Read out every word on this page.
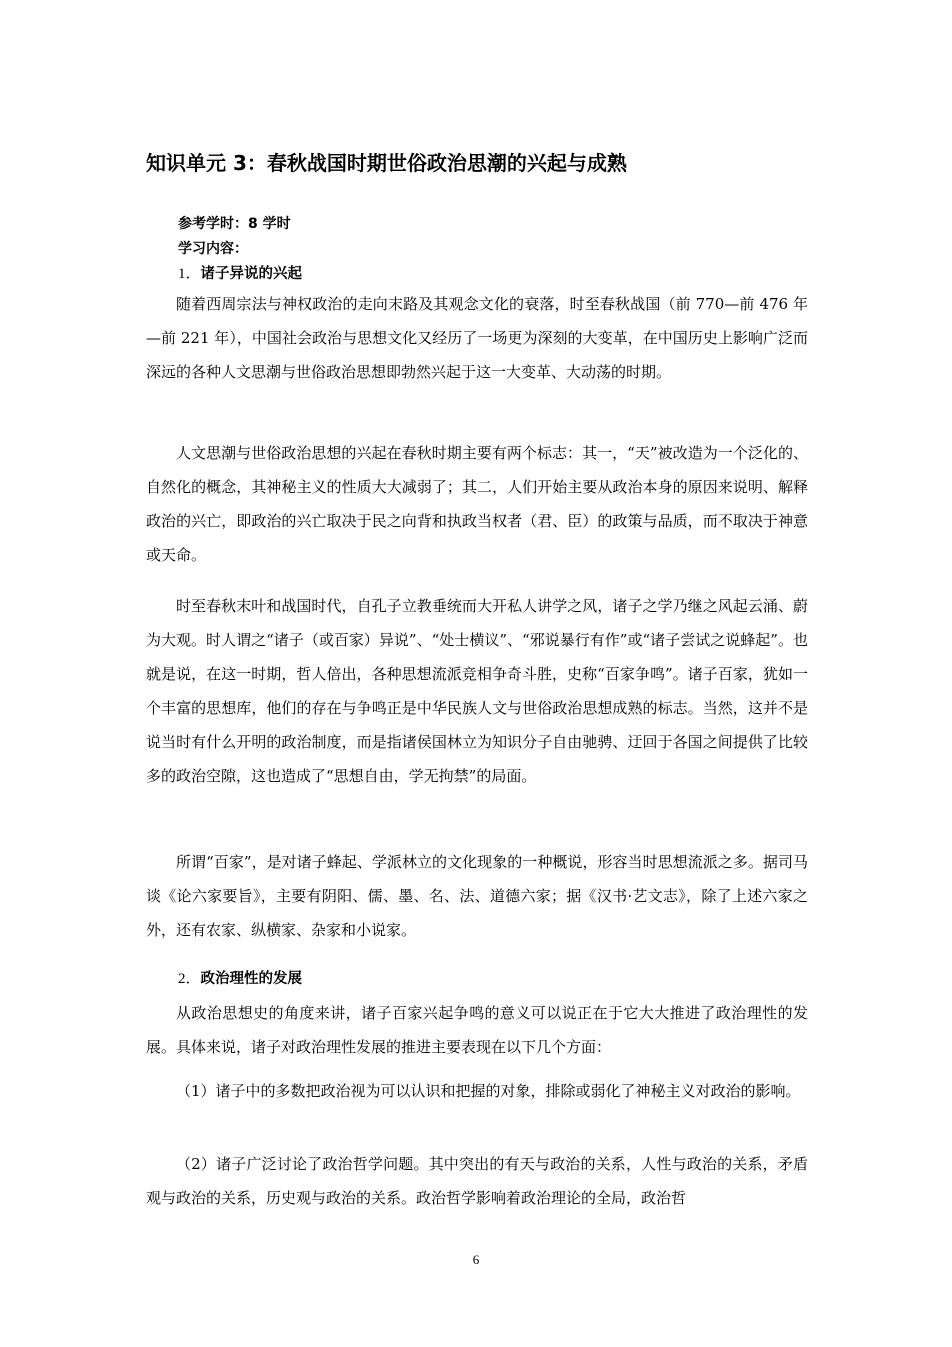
知识单元 3：春秋战国时期世俗政治思潮的兴起与成熟
参考学时：8 学时
学习内容：
1．诸子异说的兴起

随着西周宗法与神权政治的走向末路及其观念文化的衰落，时至春秋战国（前 770—前 476 年—前 221 年），中国社会政治与思想文化又经历了一场更为深刻的大变革，在中国历史上影响广泛而深远的各种人文思潮与世俗政治思想即勃然兴起于这一大变革、大动荡的时期。

人文思潮与世俗政治思想的兴起在春秋时期主要有两个标志：其一，“天”被改造为一个泛化的、自然化的概念，其神秘主义的性质大大减弱了；其二，人们开始主要从政治本身的原因来说明、解释政治的兴亡，即政治的兴亡取决于民之向背和执政当权者（君、臣）的政策与品质，而不取决于神意或天命。

时至春秋末叶和战国时代，自孔子立教垂统而大开私人讲学之风，诸子之学乃继之风起云涌、蔚为大观。时人谓之“诸子（或百家）异说”、“处士横议”、“邪说暴行有作”或“诸子尝试之说蜂起”。也就是说，在这一时期，哲人倍出，各种思想流派竞相争奇斗胜，史称“百家争鸣”。诸子百家，犹如一个丰富的思想库，他们的存在与争鸣正是中华民族人文与世俗政治思想成熟的标志。当然，这并不是说当时有什么开明的政治制度，而是指诸侯国林立为知识分子自由驰骋、迂回于各国之间提供了比较多的政治空隙，这也造成了“思想自由，学无拘禁”的局面。

所谓“百家”，是对诸子蜂起、学派林立的文化现象的一种概说，形容当时思想流派之多。据司马谈《论六家要旨》，主要有阴阳、儒、墨、名、法、道德六家；据《汉书·艺文志》，除了上述六家之外，还有农家、纵横家、杂家和小说家。

2．政治理性的发展

从政治思想史的角度来讲，诸子百家兴起争鸣的意义可以说正在于它大大推进了政治理性的发展。具体来说，诸子对政治理性发展的推进主要表现在以下几个方面：

（1）诸子中的多数把政治视为可以认识和把握的对象，排除或弱化了神秘主义对政治的影响。

（2）诸子广泛讨论了政治哲学问题。其中突出的有天与政治的关系，人性与政治的关系，矛盾观与政治的关系，历史观与政治的关系。政治哲学影响着政治理论的全局，政治哲

6
